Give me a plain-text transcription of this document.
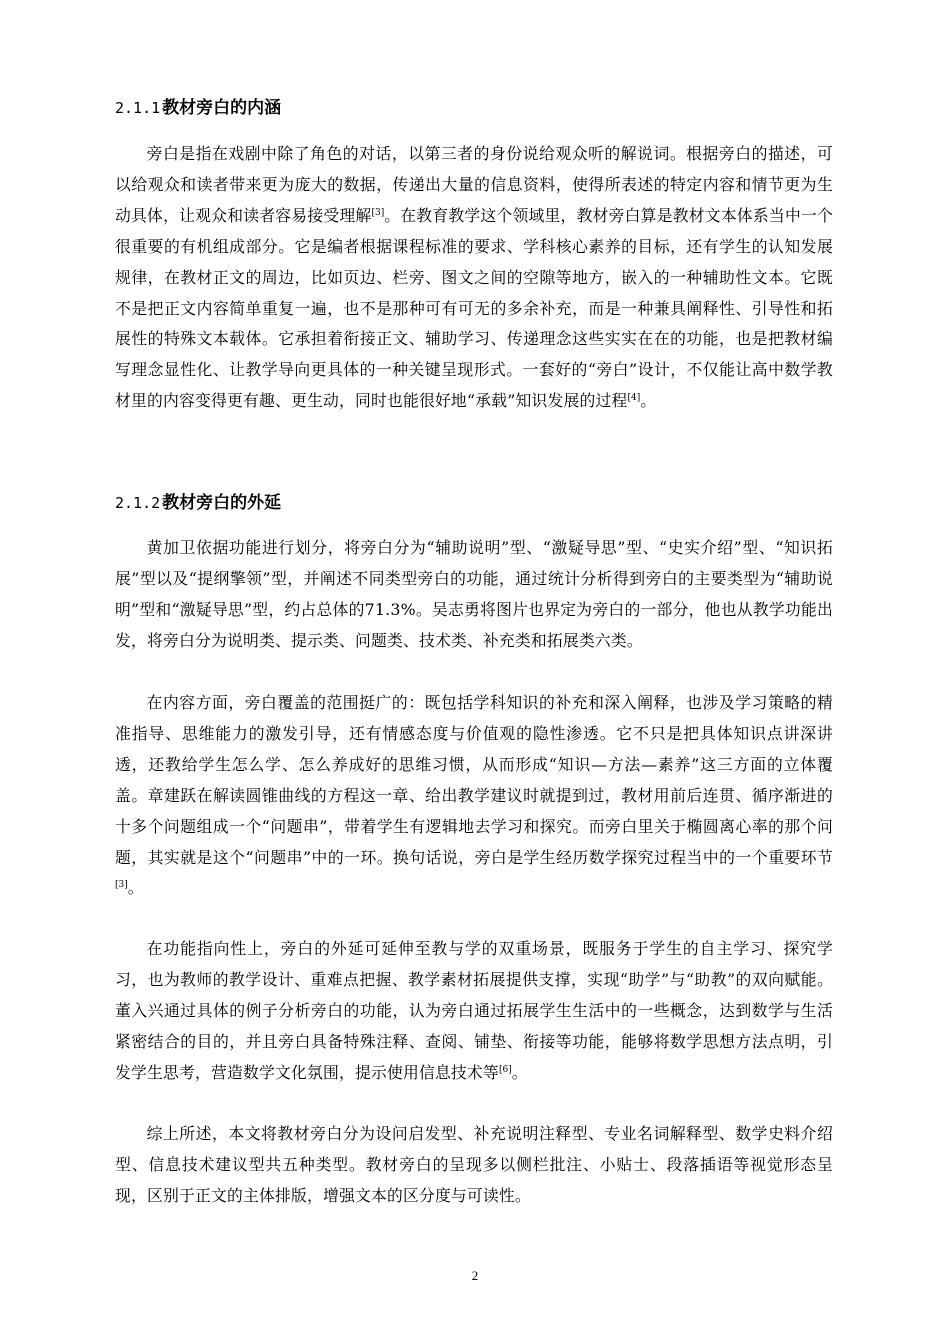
2.1.1 教材旁白的内涵

旁白是指在戏剧中除了角色的对话，以第三者的身份说给观众听的解说词。根据旁白的描述，可以给观众和读者带来更为庞大的数据，传递出大量的信息资料，使得所表述的特定内容和情节更为生动具体，让观众和读者容易接受理解[3]。在教育教学这个领域里，教材旁白算是教材文本体系当中一个很重要的有机组成部分。它是编者根据课程标准的要求、学科核心素养的目标，还有学生的认知发展规律，在教材正文的周边，比如页边、栏旁、图文之间的空隙等地方，嵌入的一种辅助性文本。它既不是把正文内容简单重复一遍，也不是那种可有可无的多余补充，而是一种兼具阐释性、引导性和拓展性的特殊文本载体。它承担着衔接正文、辅助学习、传递理念这些实实在在的功能，也是把教材编写理念显性化、让教学导向更具体的一种关键呈现形式。一套好的“旁白”设计，不仅能让高中数学教材里的内容变得更有趣、更生动，同时也能很好地“承载”知识发展的过程[4]。

2.1.2 教材旁白的外延

黄加卫依据功能进行划分，将旁白分为“辅助说明”型、“激疑导思”型、“史实介绍”型、“知识拓展”型以及“提纲擎领”型，并阐述不同类型旁白的功能，通过统计分析得到旁白的主要类型为“辅助说明”型和“激疑导思”型，约占总体的71.3%。吴志勇将图片也界定为旁白的一部分，他也从教学功能出发，将旁白分为说明类、提示类、问题类、技术类、补充类和拓展类六类。

在内容方面，旁白覆盖的范围挺广的：既包括学科知识的补充和深入阐释，也涉及学习策略的精准指导、思维能力的激发引导，还有情感态度与价值观的隐性渗透。它不只是把具体知识点讲深讲透，还教给学生怎么学、怎么养成好的思维习惯，从而形成“知识—方法—素养”这三方面的立体覆盖。章建跃在解读圆锥曲线的方程这一章、给出教学建议时就提到过，教材用前后连贯、循序渐进的十多个问题组成一个“问题串”，带着学生有逻辑地去学习和探究。而旁白里关于椭圆离心率的那个问题，其实就是这个“问题串”中的一环。换句话说，旁白是学生经历数学探究过程当中的一个重要环节[3]。

在功能指向性上，旁白的外延可延伸至教与学的双重场景，既服务于学生的自主学习、探究学习，也为教师的教学设计、重难点把握、教学素材拓展提供支撑，实现“助学”与“助教”的双向赋能。董入兴通过具体的例子分析旁白的功能，认为旁白通过拓展学生生活中的一些概念，达到数学与生活紧密结合的目的，并且旁白具备特殊注释、查阅、铺垫、衔接等功能，能够将数学思想方法点明，引发学生思考，营造数学文化氛围，提示使用信息技术等[6]。

综上所述，本文将教材旁白分为设问启发型、补充说明注释型、专业名词解释型、数学史料介绍型、信息技术建议型共五种类型。教材旁白的呈现多以侧栏批注、小贴士、段落插语等视觉形态呈现，区别于正文的主体排版，增强文本的区分度与可读性。

2
